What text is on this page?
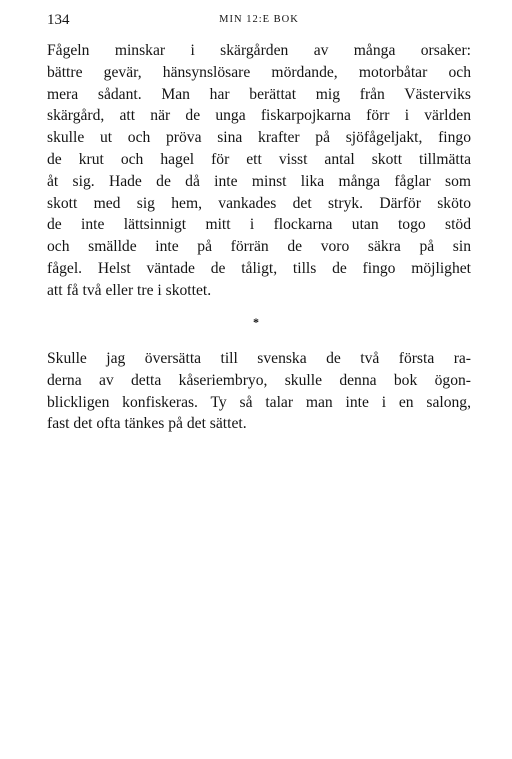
134	MIN 12:E BOK
Fågeln minskar i skärgården av många orsaker:
bättre gevär, hänsynslösare mördande, motorbåtar och
mera sådant. Man har berättat mig från Västerviks
skärgård, att när de unga fiskarpojkarna förr i världen
skulle ut och pröva sina krafter på sjöfågeljakt, fingo
de krut och hagel för ett visst antal skott tillmätta
åt sig. Hade de då inte minst lika många fåglar som
skott med sig hem, vankades det stryk. Därför sköto
de inte lättsinnigt mitt i flockarna utan togo stöd
och smällde inte på förrän de voro säkra på sin
fågel. Helst väntade de tåligt, tills de fingo möjlighet
att få två eller tre i skottet.
*
Skulle jag översätta till svenska de två första ra-
derna av detta kåseriembryo, skulle denna bok ögon-
blickligen konfiskeras. Ty så talar man inte i en salong,
fast det ofta tänkes på det sättet.
